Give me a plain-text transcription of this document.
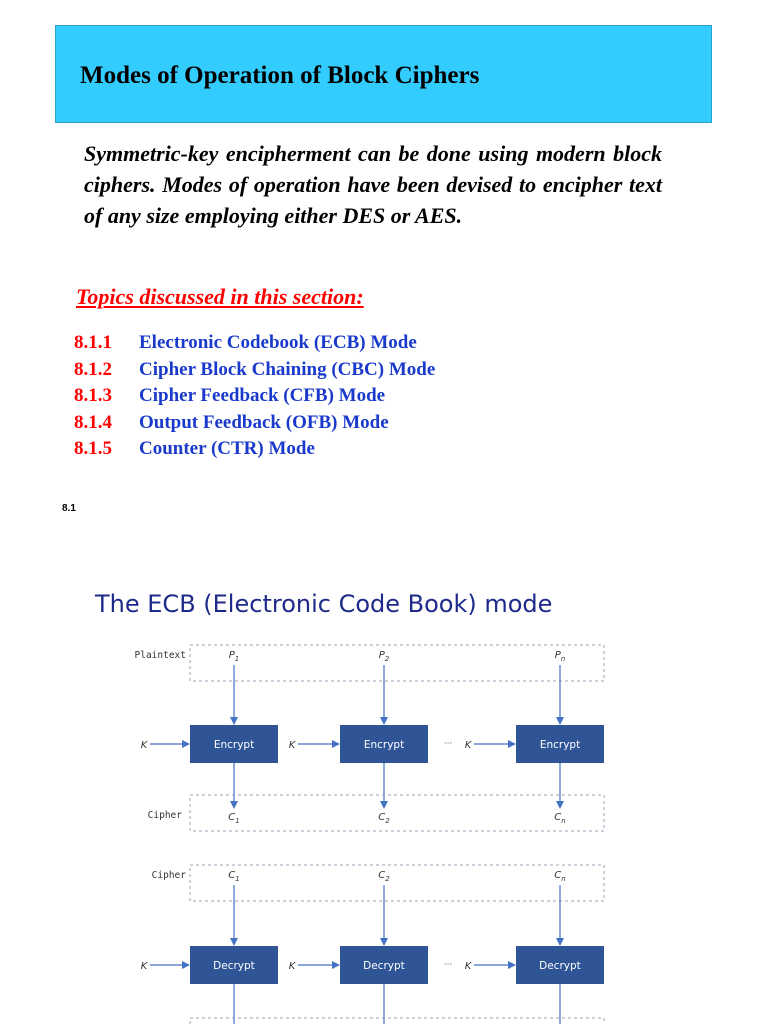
Modes of Operation of Block Ciphers
Symmetric-key encipherment can be done using modern block ciphers. Modes of operation have been devised to encipher text of any size employing either DES or AES.
Topics discussed in this section:
8.1.1	Electronic Codebook (ECB) Mode
8.1.2	Cipher Block Chaining (CBC) Mode
8.1.3	Cipher Feedback (CFB) Mode
8.1.4	Output Feedback (OFB) Mode
8.1.5	Counter (CTR) Mode
8.1
The ECB (Electronic Code Book) mode
Plaintext	$P_1$
Encrypt
K
$P_2$
Encrypt
K
$P_n$
Encrypt
K
···
Cipher	$C_1$	$C_2$	$C_n$
Cipher	$C_1$
Decrypt
K
$C_2$
Decrypt
K
$C_n$
Decrypt
K
···
